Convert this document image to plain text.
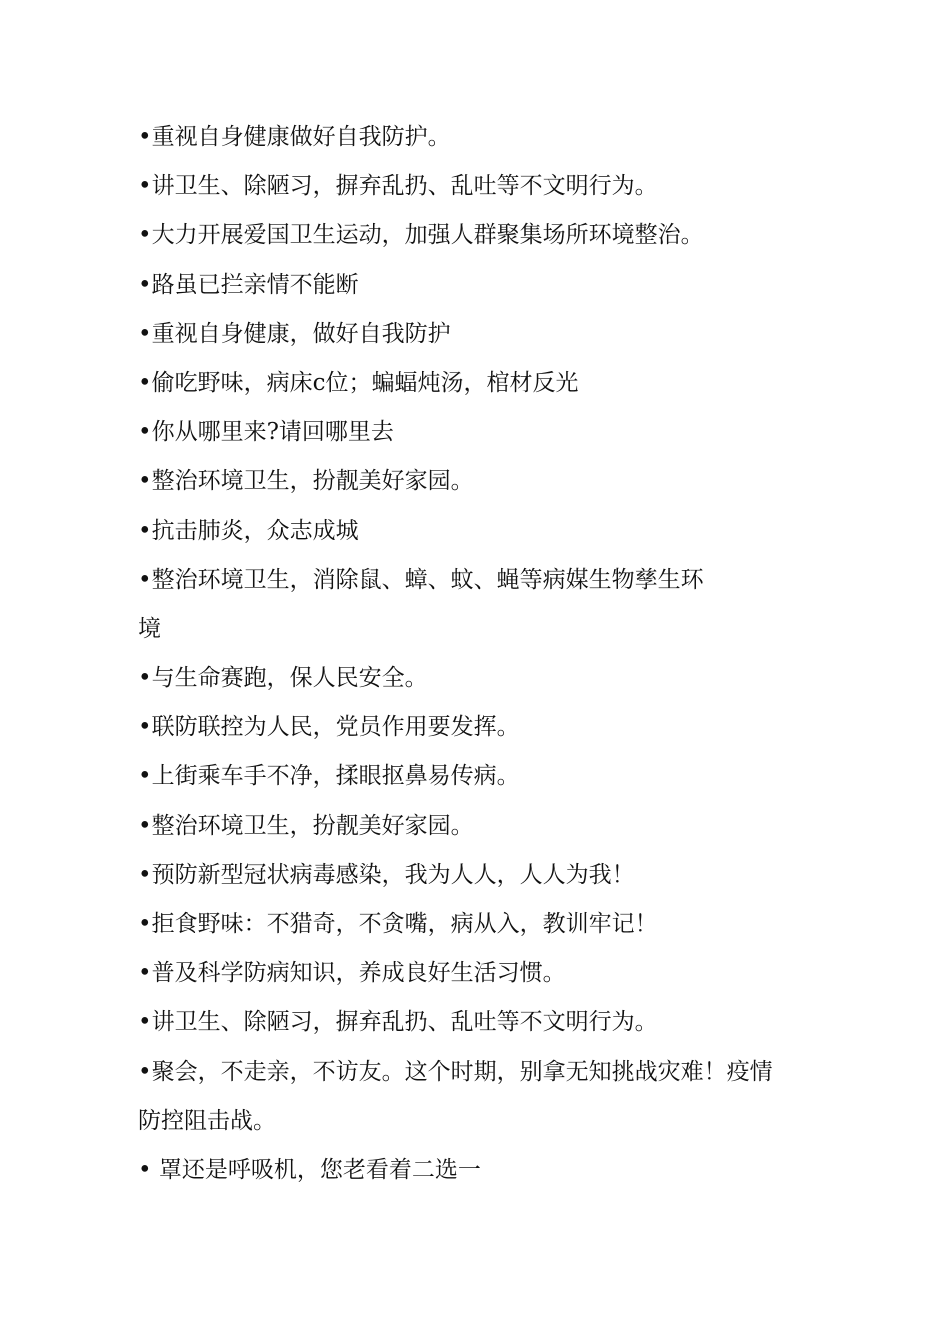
•重视自身健康做好自我防护。
•讲卫生、除陋习，摒弃乱扔、乱吐等不文明行为。
•大力开展爱国卫生运动，加强人群聚集场所环境整治。
•路虽已拦亲情不能断
•重视自身健康，做好自我防护
•偷吃野味，病床c位；蝙蝠炖汤，棺材反光
•你从哪里来?请回哪里去
•整治环境卫生，扮靓美好家园。
•抗击肺炎，众志成城
•整治环境卫生，消除鼠、蟑、蚊、蝇等病媒生物孳生环
境
•与生命赛跑，保人民安全。
•联防联控为人民，党员作用要发挥。
•上街乘车手不净，揉眼抠鼻易传病。
•整治环境卫生，扮靓美好家园。
•预防新型冠状病毒感染，我为人人，人人为我！
•拒食野味：不猎奇，不贪嘴，病从入，教训牢记！
•普及科学防病知识，养成良好生活习惯。
•讲卫生、除陋习，摒弃乱扔、乱吐等不文明行为。
•聚会，不走亲，不访友。这个时期，别拿无知挑战灾难！疫情
防控阻击战。
• 罩还是呼吸机，您老看着二选一
